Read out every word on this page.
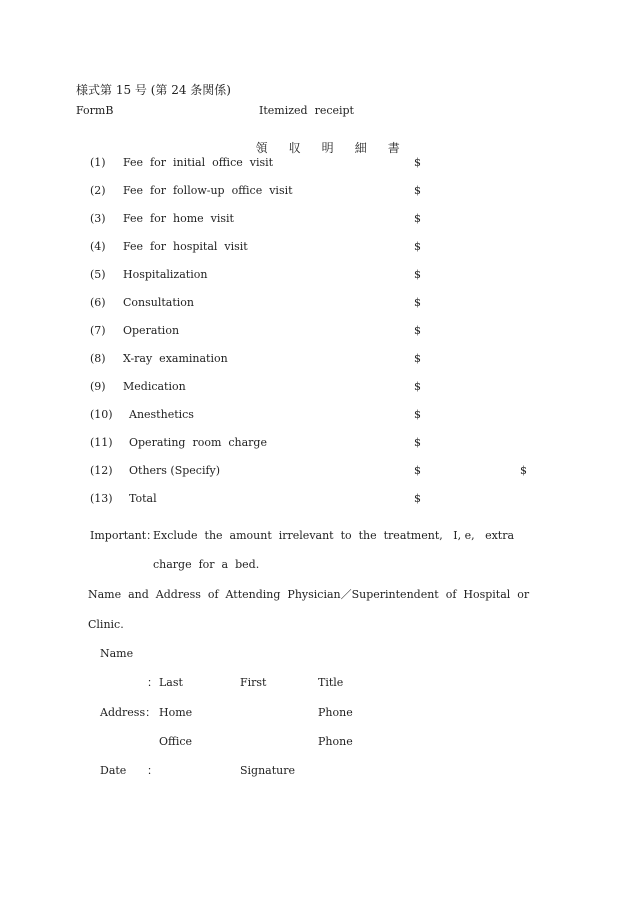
様式第 15 号 (第 24 条関係)
FormB	Itemized  receipt

領 収 明 細 書

(1) Fee  for  initial  office  visit	$
(2) Fee  for  follow-up  office  visit	$
(3) Fee  for  home  visit	$
(4) Fee  for  hospital  visit	$
(5) Hospitalization	$
(6) Consultation	$
(7) Operation	$
(8) X-ray  examination	$
(9) Medication	$
(10) Anesthetics	$
(11) Operating  room  charge	$
(12) Others (Specify)	$	$
(13) Total	$
Important：
Exclude  the  amount  irrelevant  to  the  treatment,   I, e,   extra
charge  for  a  bed.
Name  and  Address  of  Attending  Physician／Superintendent  of  Hospital  or
Clinic.
Name
： Last	First	Title
Address： Home	Phone
Office	Phone
Date ：	Signature
